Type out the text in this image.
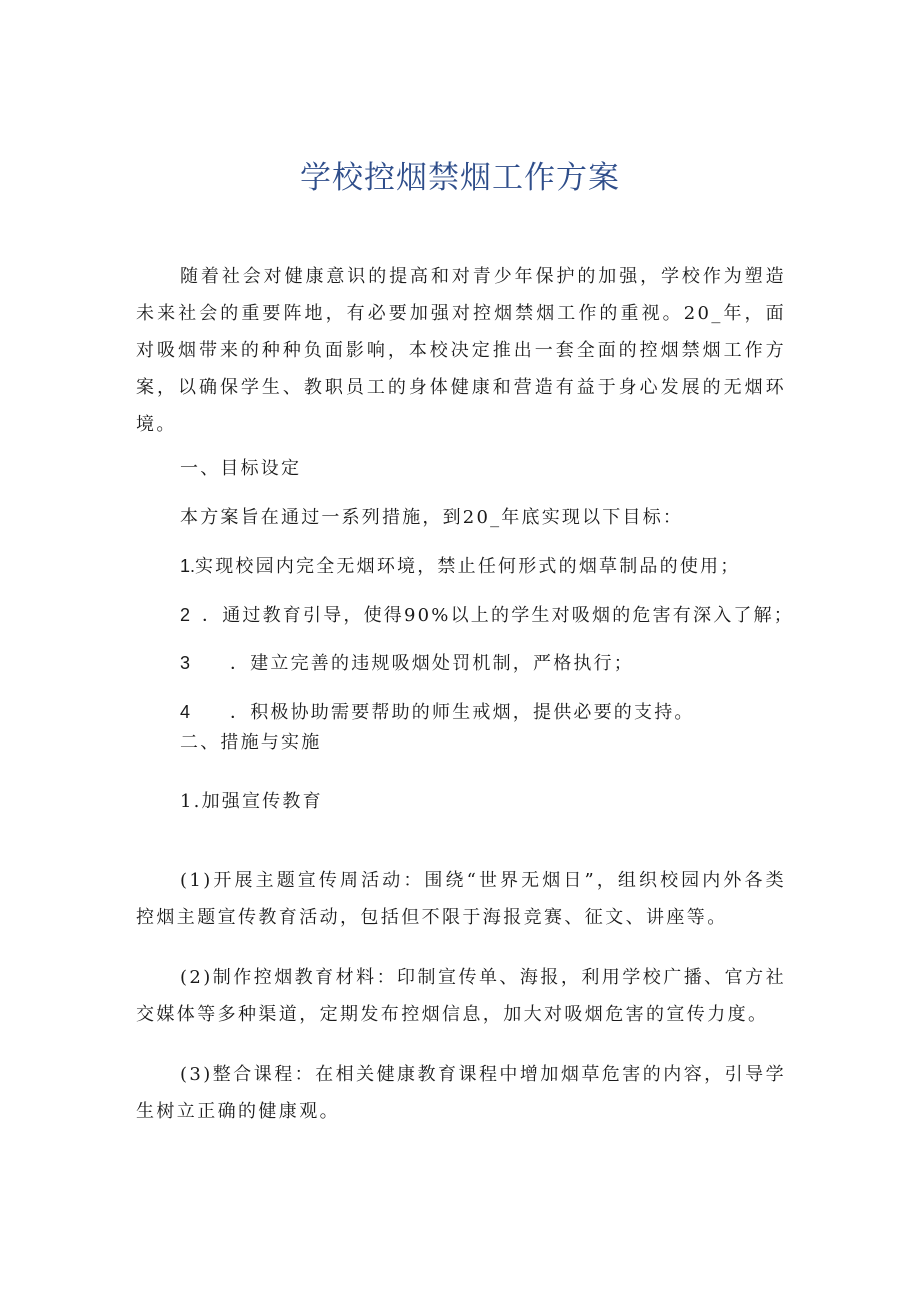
学校控烟禁烟工作方案
随着社会对健康意识的提高和对青少年保护的加强，学校作为塑造未来社会的重要阵地，有必要加强对控烟禁烟工作的重视。20_年，面对吸烟带来的种种负面影响，本校决定推出一套全面的控烟禁烟工作方案，以确保学生、教职员工的身体健康和营造有益于身心发展的无烟环境。
一、目标设定
本方案旨在通过一系列措施，到20_年底实现以下目标：
1.实现校园内完全无烟环境，禁止任何形式的烟草制品的使用；
2 ．通过教育引导，使得90%以上的学生对吸烟的危害有深入了解；
3 ．建立完善的违规吸烟处罚机制，严格执行；
4 ．积极协助需要帮助的师生戒烟，提供必要的支持。
二、措施与实施
1.加强宣传教育
(1)开展主题宣传周活动：围绕“世界无烟日”，组织校园内外各类控烟主题宣传教育活动，包括但不限于海报竞赛、征文、讲座等。
(2)制作控烟教育材料：印制宣传单、海报，利用学校广播、官方社交媒体等多种渠道，定期发布控烟信息，加大对吸烟危害的宣传力度。
(3)整合课程：在相关健康教育课程中增加烟草危害的内容，引导学生树立正确的健康观。
